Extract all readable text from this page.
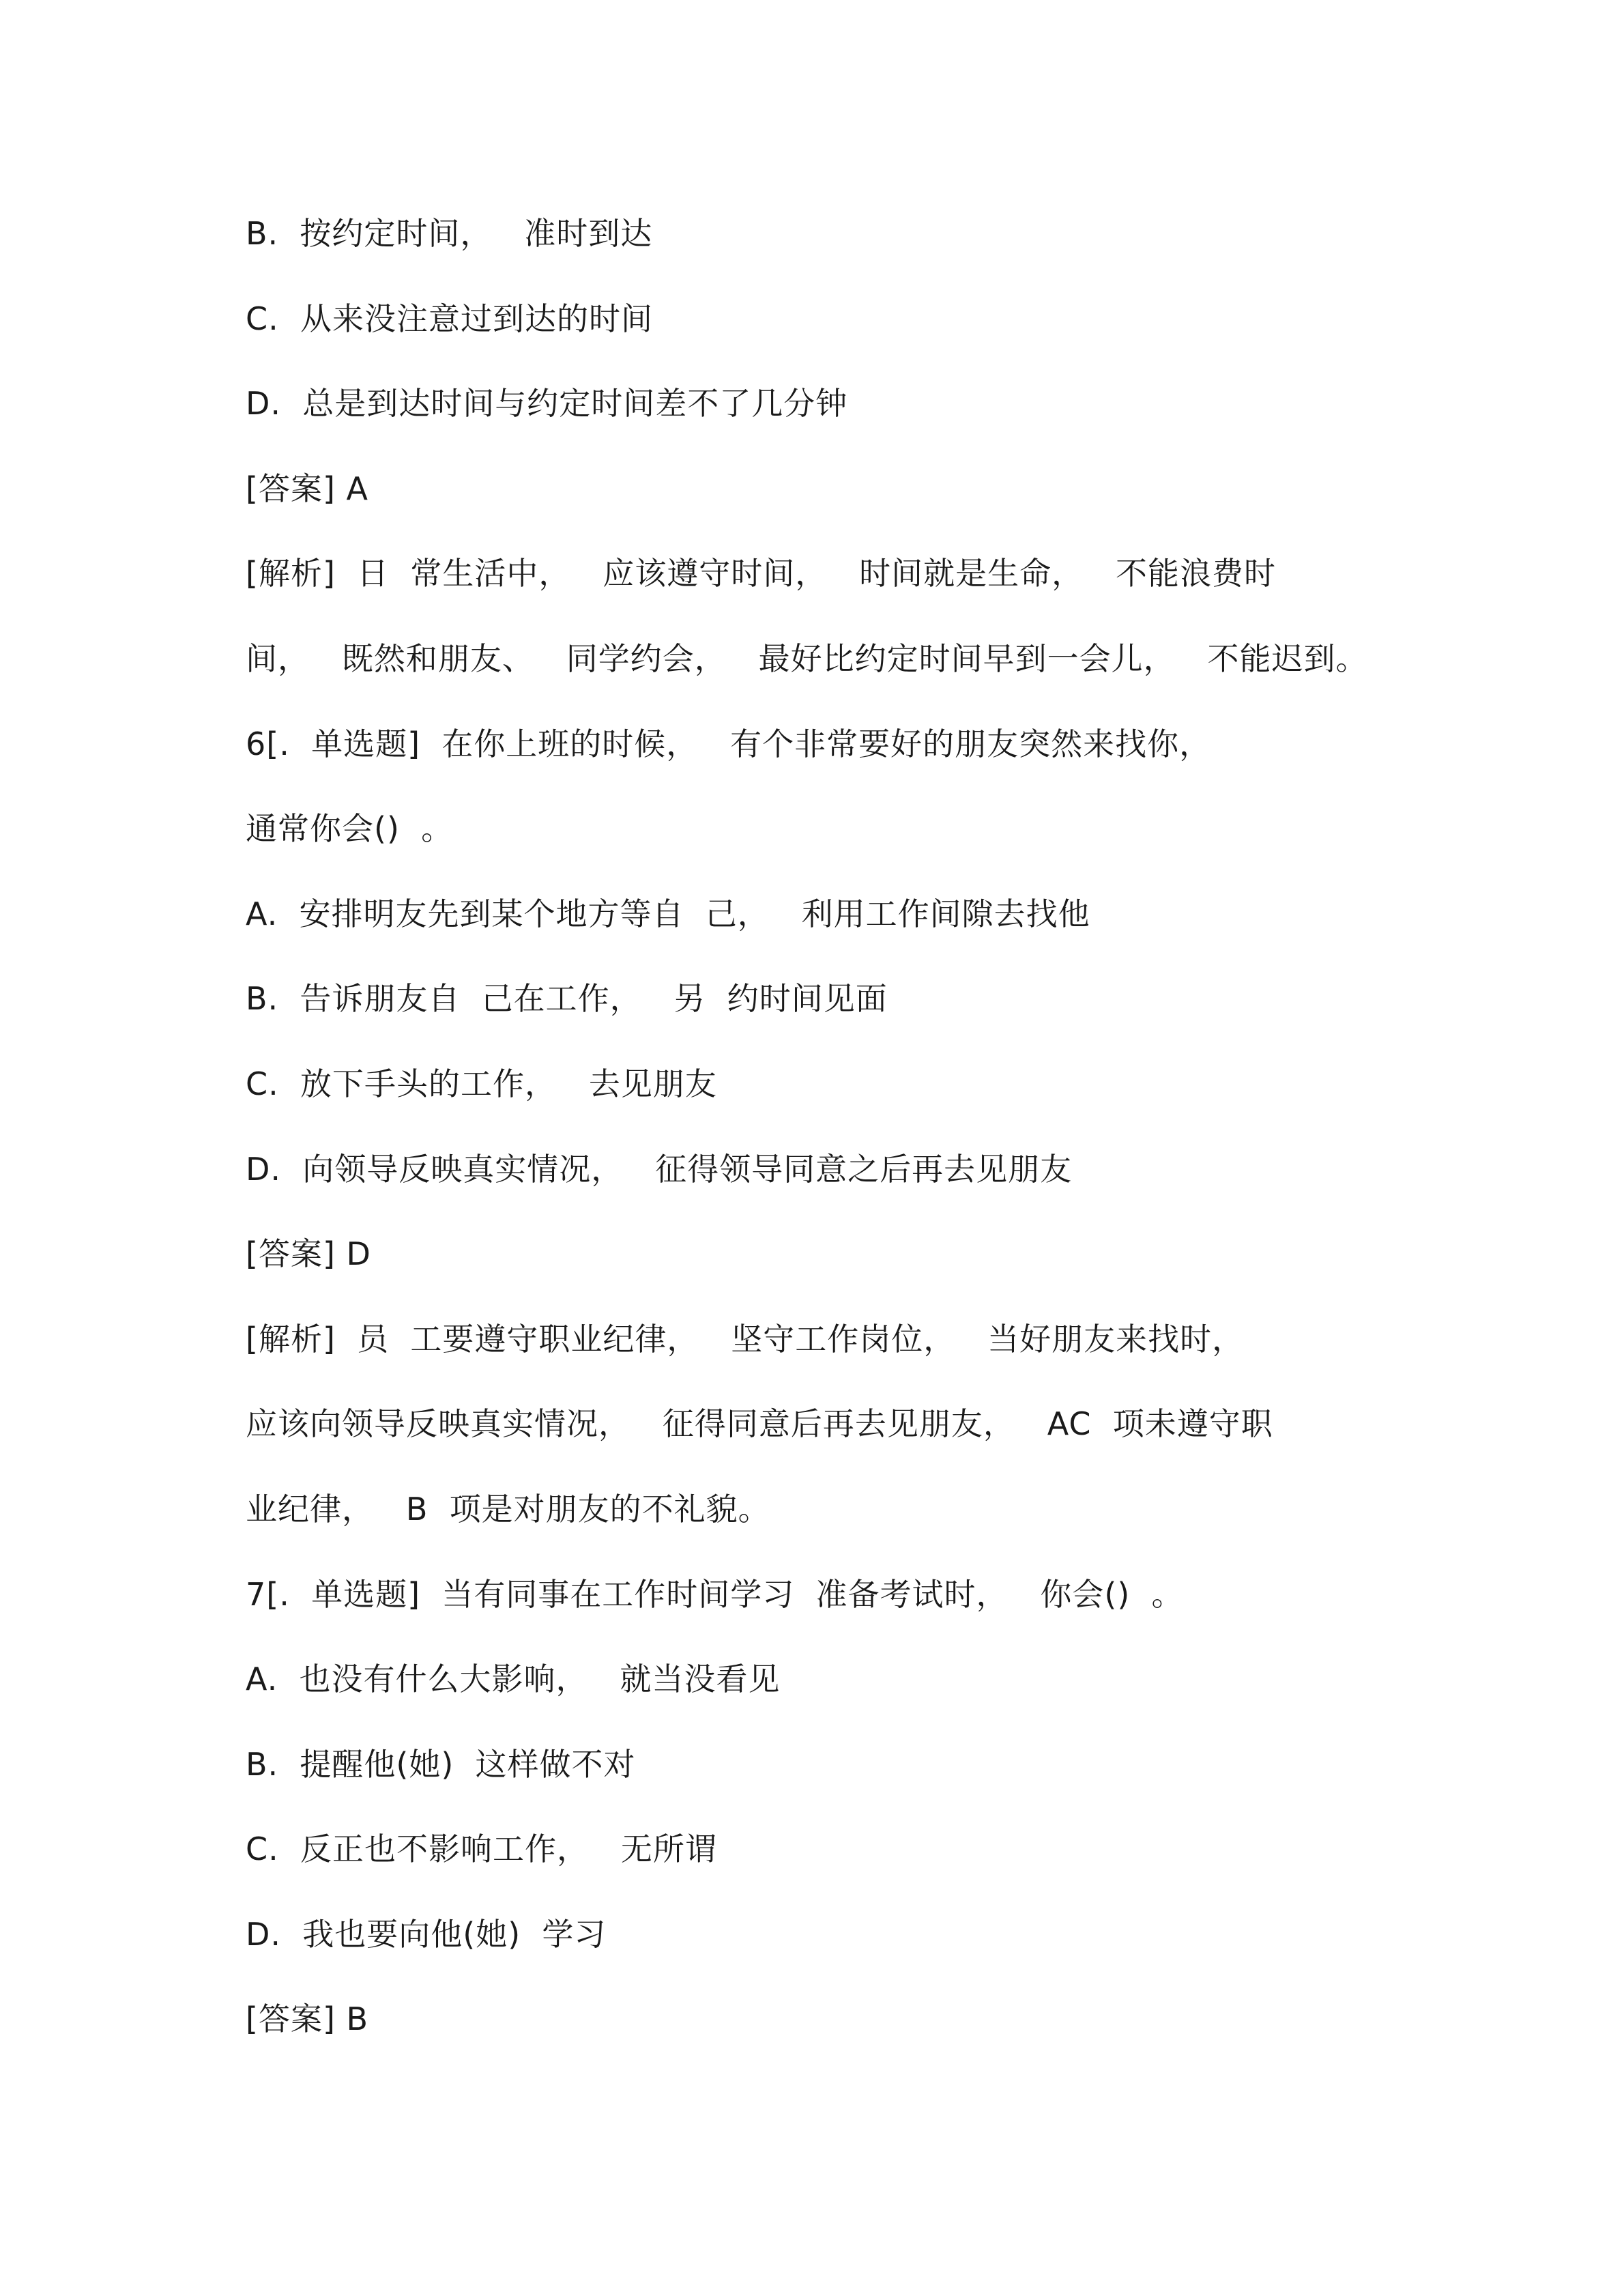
B.  按约定时间，   准时到达
C.  从来没注意过到达的时间
D.  总是到达时间与约定时间差不了几分钟
[答案] A
[解析]  日  常生活中，   应该遵守时间，   时间就是生命，   不能浪费时
间，   既然和朋友、   同学约会，   最好比约定时间早到一会儿，   不能迟到。
6[.  单选题]  在你上班的时候，   有个非常要好的朋友突然来找你，
通常你会()  。
A.  安排明友先到某个地方等自  己，   利用工作间隙去找他
B.  告诉朋友自  己在工作，   另  约时间见面
C.  放下手头的工作，   去见朋友
D.  向领导反映真实情况，   征得领导同意之后再去见朋友
[答案] D
[解析]  员  工要遵守职业纪律，   坚守工作岗位，   当好朋友来找时，
应该向领导反映真实情况，   征得同意后再去见朋友，   AC  项未遵守职
业纪律，   B  项是对朋友的不礼貌。
7[.  单选题]  当有同事在工作时间学习  准备考试时，   你会()  。
A.  也没有什么大影响，   就当没看见
B.  提醒他(她)  这样做不对
C.  反正也不影响工作，   无所谓
D.  我也要向他(她)  学习
[答案] B
